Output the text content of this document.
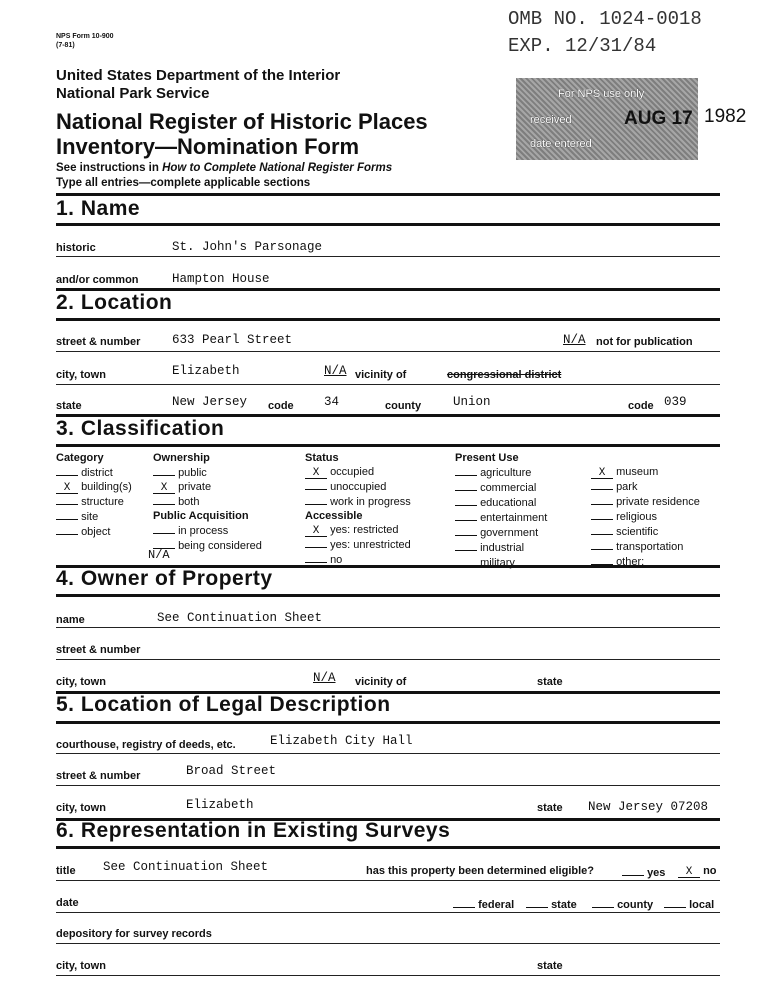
NPS Form 10-900
(7-81)
OMB NO. 1024-0018
EXP. 12/31/84
United States Department of the Interior
National Park Service
National Register of Historic Places
Inventory—Nomination Form
See instructions in How to Complete National Register Forms
Type all entries—complete applicable sections
For NPS use only
received	AUG 17
date entered
1982
1. Name
historic	St. John's Parsonage
and/or common	Hampton House
2. Location
street & number	633 Pearl Street	N/A not for publication
city, town	Elizabeth	N/A vicinity of	congressional district
state	New Jersey code 34	county	Union	code 039
3. Classification
Category
district
X building(s)
structure
site
object
Ownership
public
X private
both
Public Acquisition
in process
being considered
N/A
Status
X occupied
unoccupied
work in progress
Accessible
X yes: restricted
yes: unrestricted
no
Present Use
agriculture
commercial
educational
entertainment
government
industrial
military
X museum
park
private residence
religious
scientific
transportation
other:
4. Owner of Property
name	See Continuation Sheet
street & number
city, town	N/A vicinity of	state
5. Location of Legal Description
courthouse, registry of deeds, etc.	Elizabeth City Hall
street & number	Broad Street
city, town	Elizabeth	state New Jersey 07208
6. Representation in Existing Surveys
title See Continuation Sheet	has this property been determined eligible?	yes	X no
date	federal	state	county	local
depository for survey records
city, town	state
